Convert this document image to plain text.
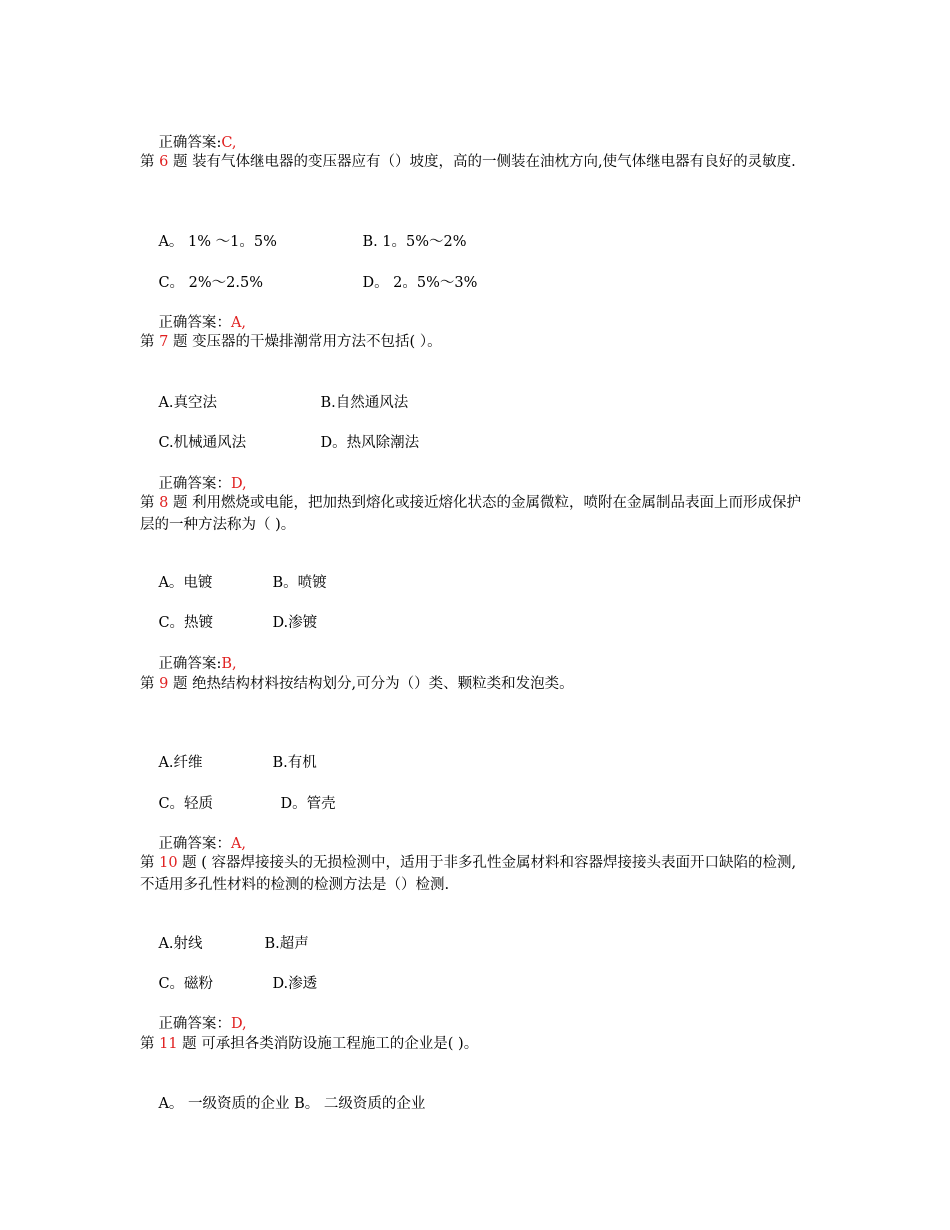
正确答案:C,

第 6 题 装有气体继电器的变压器应有（）坡度，高的一侧装在油枕方向,使气体继电器有良好的灵敏度.

A。 1% ～1。5%	B. 1。5%～2%

C。 2%～2.5%	D。 2。5%～3%

正确答案：A,

第 7 题 变压器的干燥排潮常用方法不包括( ）。

A.真空法	B.自然通风法

C.机械通风法	D。热风除潮法

正确答案：D,

第 8 题 利用燃烧或电能，把加热到熔化或接近熔化状态的金属微粒，喷附在金属制品表面上而形成保护层的一种方法称为（ )。

A。电镀	B。喷镀

C。热镀	D.渗镀

正确答案:B,

第 9 题 绝热结构材料按结构划分,可分为（）类、颗粒类和发泡类。

A.纤维	B.有机

C。轻质	D。管壳

正确答案：A,

第 10 题 ( 容器焊接接头的无损检测中，适用于非多孔性金属材料和容器焊接接头表面开口缺陷的检测,不适用多孔性材料的检测的检测方法是（）检测.

A.射线	B.超声

C。磁粉	D.渗透

正确答案：D,

第 11 题 可承担各类消防设施工程施工的企业是( )。

A。 一级资质的企业 B。 二级资质的企业
